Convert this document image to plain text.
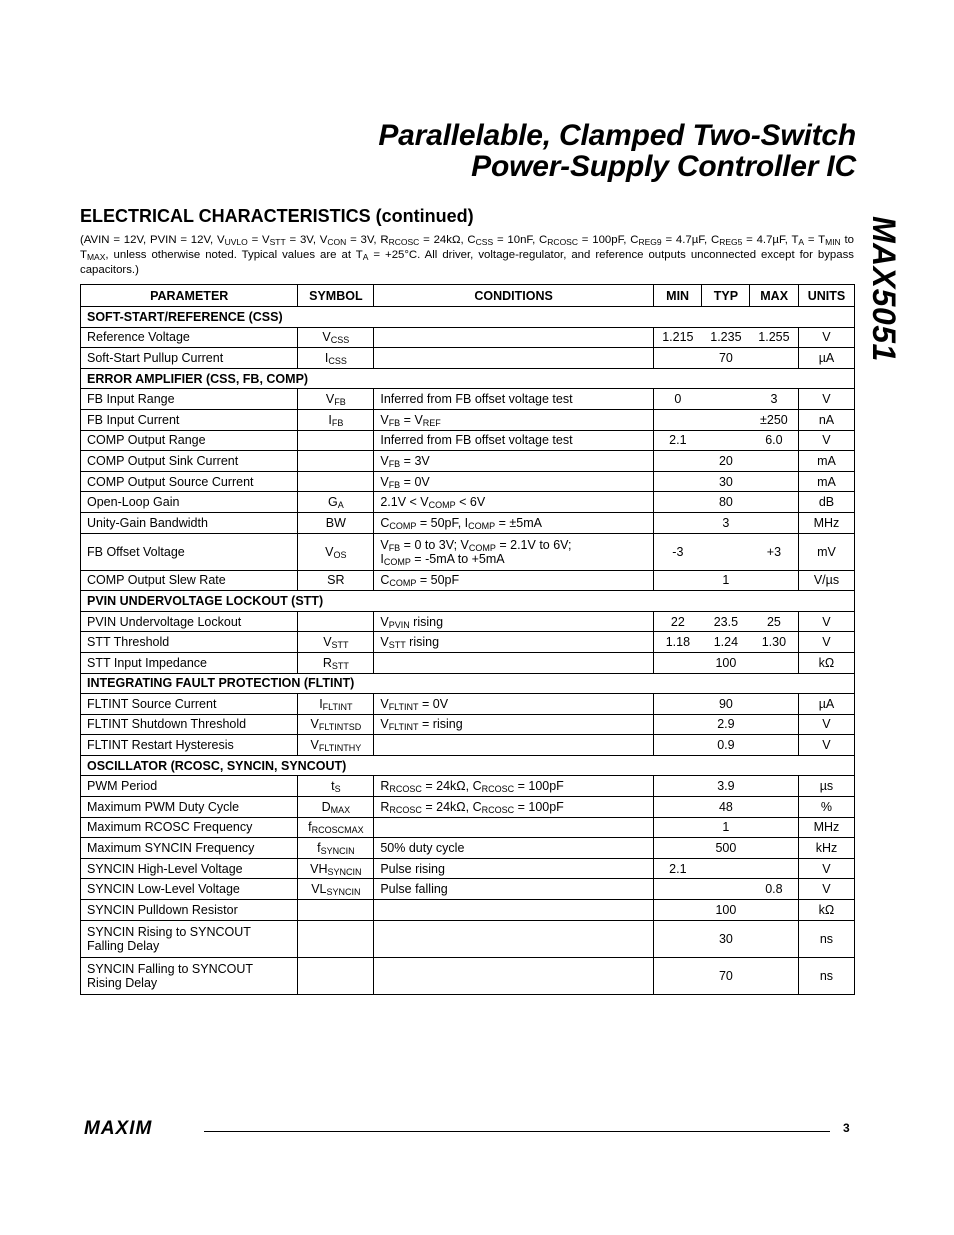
Parallelable, Clamped Two-Switch
Power-Supply Controller IC
MAX5051
ELECTRICAL CHARACTERISTICS (continued)

(AVIN = 12V, PVIN = 12V, $V_{UVLO} = V_{STT} = 3V$, $V_{CON} = 3V$, $R_{RCOSC} = 24k\Omega$, $C_{CSS} = 10nF$, $C_{RCOSC} = 100pF$, $C_{REG9} = 4.7\mu F$, $C_{REG5} = 4.7\mu F$, $T_A = T_{MIN}$ to $T_{MAX}$, unless otherwise noted. Typical values are at $T_A = +25^\circ C$. All driver, voltage-regulator, and reference outputs unconnected except for bypass capacitors.)

PARAMETER	SYMBOL	CONDITIONS	MIN	TYP	MAX	UNITS
SOFT-START/REFERENCE (CSS)						
Reference Voltage	$V_{CSS}$		1.215	1.235	1.255	V
Soft-Start Pullup Current	$I_{CSS}$			70		µA
ERROR AMPLIFIER (CSS, FB, COMP)						
FB Input Range	$V_{FB}$	Inferred from FB offset voltage test	0		3	V
FB Input Current	$I_{FB}$	$V_{FB} = V_{REF}$			±250	nA
COMP Output Range		Inferred from FB offset voltage test	2.1		6.0	V
COMP Output Sink Current		$V_{FB} = 3V$		20		mA
COMP Output Source Current		$V_{FB} = 0V$		30		mA
Open-Loop Gain	$G_A$	$2.1V < V_{COMP} < 6V$		80		dB
Unity-Gain Bandwidth	BW	$C_{COMP} = 50pF$, $I_{COMP} = \pm 5mA$		3		MHz
FB Offset Voltage	$V_{OS}$	$V_{FB} = 0$ to 3V; $V_{COMP} = 2.1V$ to 6V;
$I_{COMP} = -5mA$ to +5mA	-3		+3	mV
COMP Output Slew Rate	SR	$C_{COMP} = 50pF$		1		V/µs
PVIN UNDERVOLTAGE LOCKOUT (STT)						
PVIN Undervoltage Lockout		$V_{PVIN}$ rising	22	23.5	25	V
STT Threshold	$V_{STT}$	$V_{STT}$ rising	1.18	1.24	1.30	V
STT Input Impedance	$R_{STT}$			100		kΩ
INTEGRATING FAULT PROTECTION (FLTINT)						
FLTINT Source Current	$I_{FLTINT}$	$V_{FLTINT} = 0V$		90		µA
FLTINT Shutdown Threshold	$V_{FLTINTSD}$	$V_{FLTINT} = rising$		2.9		V
FLTINT Restart Hysteresis	$V_{FLTINTHY}$			0.9		V
OSCILLATOR (RCOSC, SYNCIN, SYNCOUT)						
PWM Period	$t_S$	$R_{RCOSC} = 24k\Omega$, $C_{RCOSC} = 100pF$		3.9		µs
Maximum PWM Duty Cycle	$D_{MAX}$	$R_{RCOSC} = 24k\Omega$, $C_{RCOSC} = 100pF$		48		%
Maximum RCOSC Frequency	$f_{RCOSCMAX}$			1		MHz
Maximum SYNCIN Frequency	$f_{SYNCIN}$	50% duty cycle		500		kHz
SYNCIN High-Level Voltage	$VH_{SYNCIN}$	Pulse rising	2.1			V
SYNCIN Low-Level Voltage	$VL_{SYNCIN}$	Pulse falling			0.8	V
SYNCIN Pulldown Resistor				100		kΩ
SYNCIN Rising to SYNCOUT
Falling Delay				30		ns
SYNCIN Falling to SYNCOUT
Rising Delay				70		ns
MAXIM	3
